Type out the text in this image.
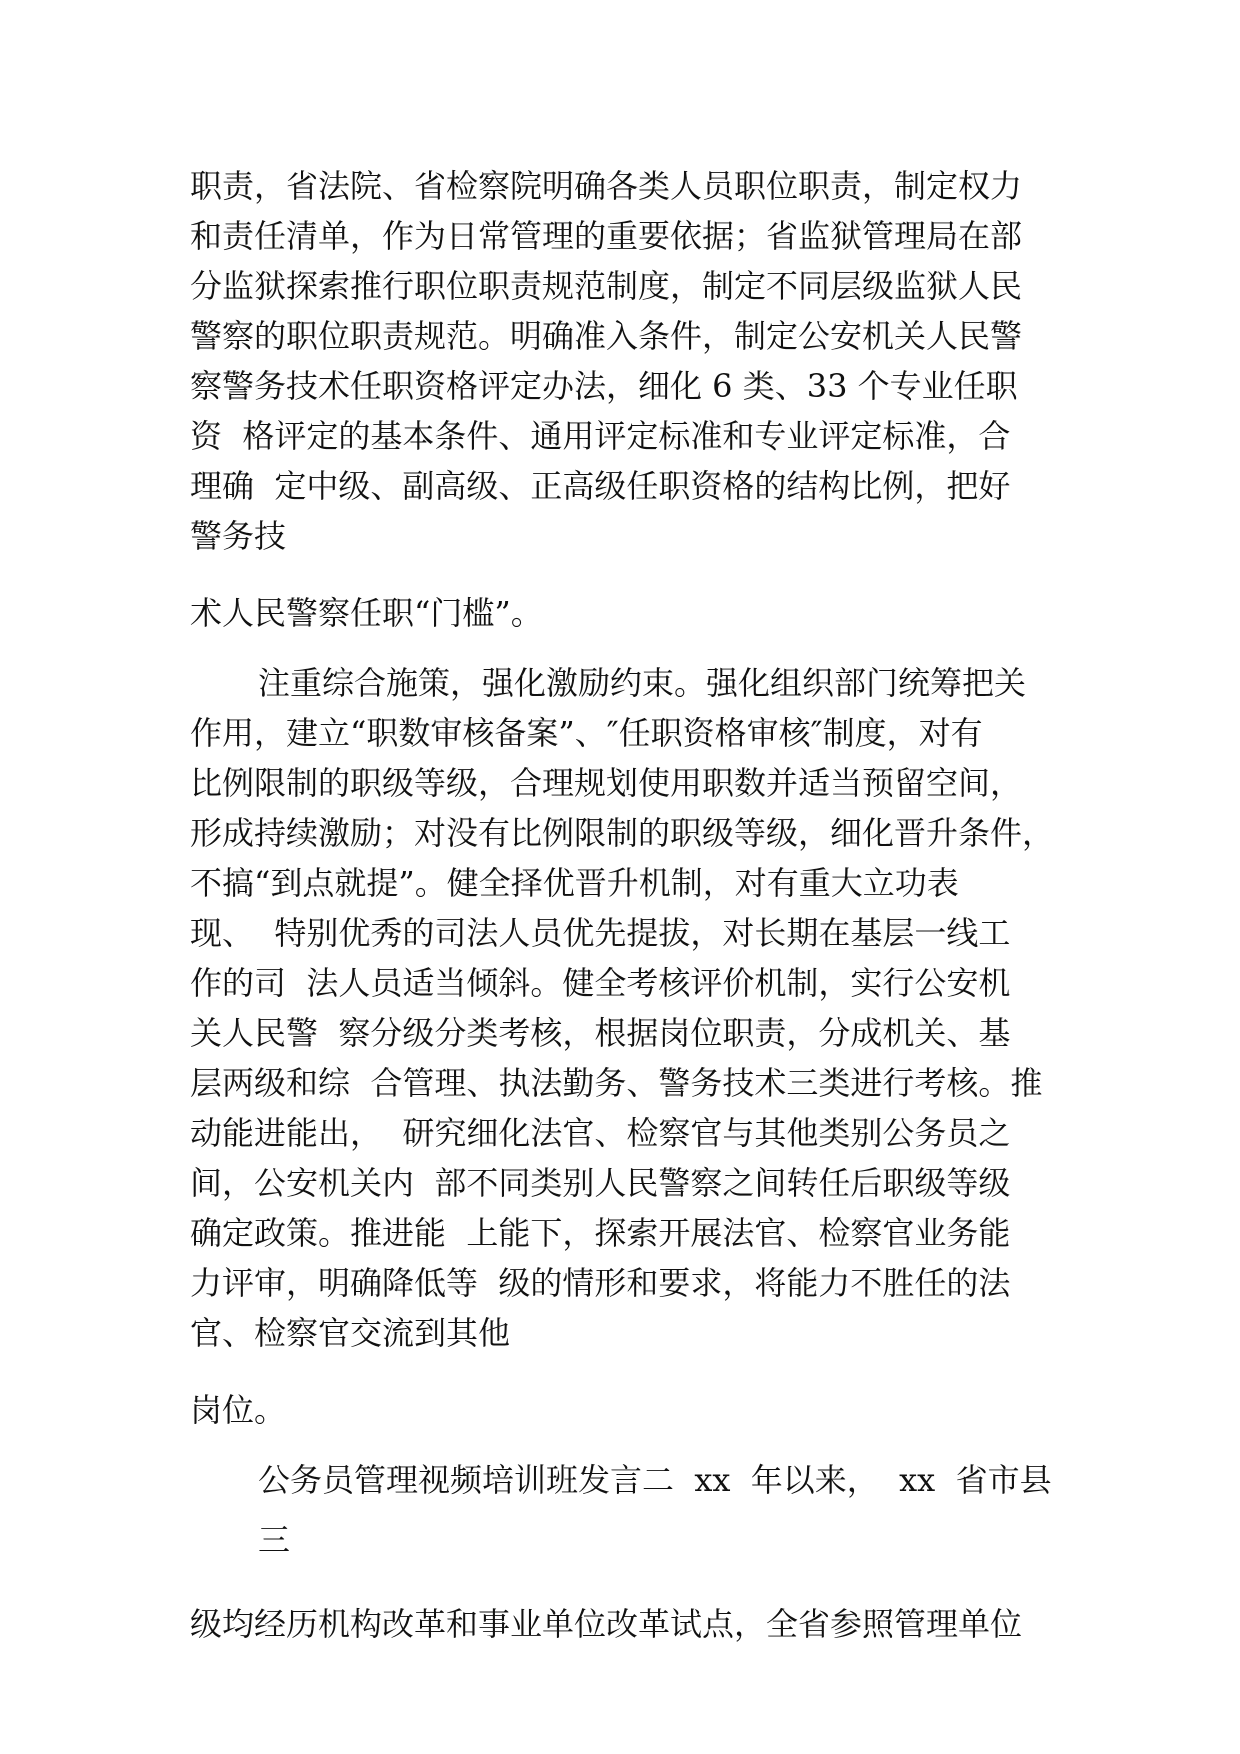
职责，省法院、省检察院明确各类人员职位职责，制定权力

和责任清单，作为日常管理的重要依据；省监狱管理局在部

分监狱探索推行职位职责规范制度，制定不同层级监狱人民

警察的职位职责规范。明确准入条件，制定公安机关人民警

察警务技术任职资格评定办法，细化 6 类、33 个专业任职

资  格评定的基本条件、通用评定标准和专业评定标准，合

理确  定中级、副高级、正高级任职资格的结构比例，把好

警务技

术人民警察任职“门槛”。

注重综合施策，强化激励约束。强化组织部门统筹把关

作用，建立“职数审核备案”、″任职资格审核″制度，对有

比例限制的职级等级，合理规划使用职数并适当预留空间，

形成持续激励；对没有比例限制的职级等级，细化晋升条件，

不搞“到点就提”。健全择优晋升机制，对有重大立功表

现、  特别优秀的司法人员优先提拔，对长期在基层一线工

作的司  法人员适当倾斜。健全考核评价机制，实行公安机

关人民警  察分级分类考核，根据岗位职责，分成机关、基

层两级和综  合管理、执法勤务、警务技术三类进行考核。推

动能进能出，  研究细化法官、检察官与其他类别公务员之

间，公安机关内  部不同类别人民警察之间转任后职级等级

确定政策。推进能  上能下，探索开展法官、检察官业务能

力评审，明确降低等  级的情形和要求，将能力不胜任的法

官、检察官交流到其他

岗位。

公务员管理视频培训班发言二  xx  年以来，  xx  省市县

三

级均经历机构改革和事业单位改革试点，全省参照管理单位
